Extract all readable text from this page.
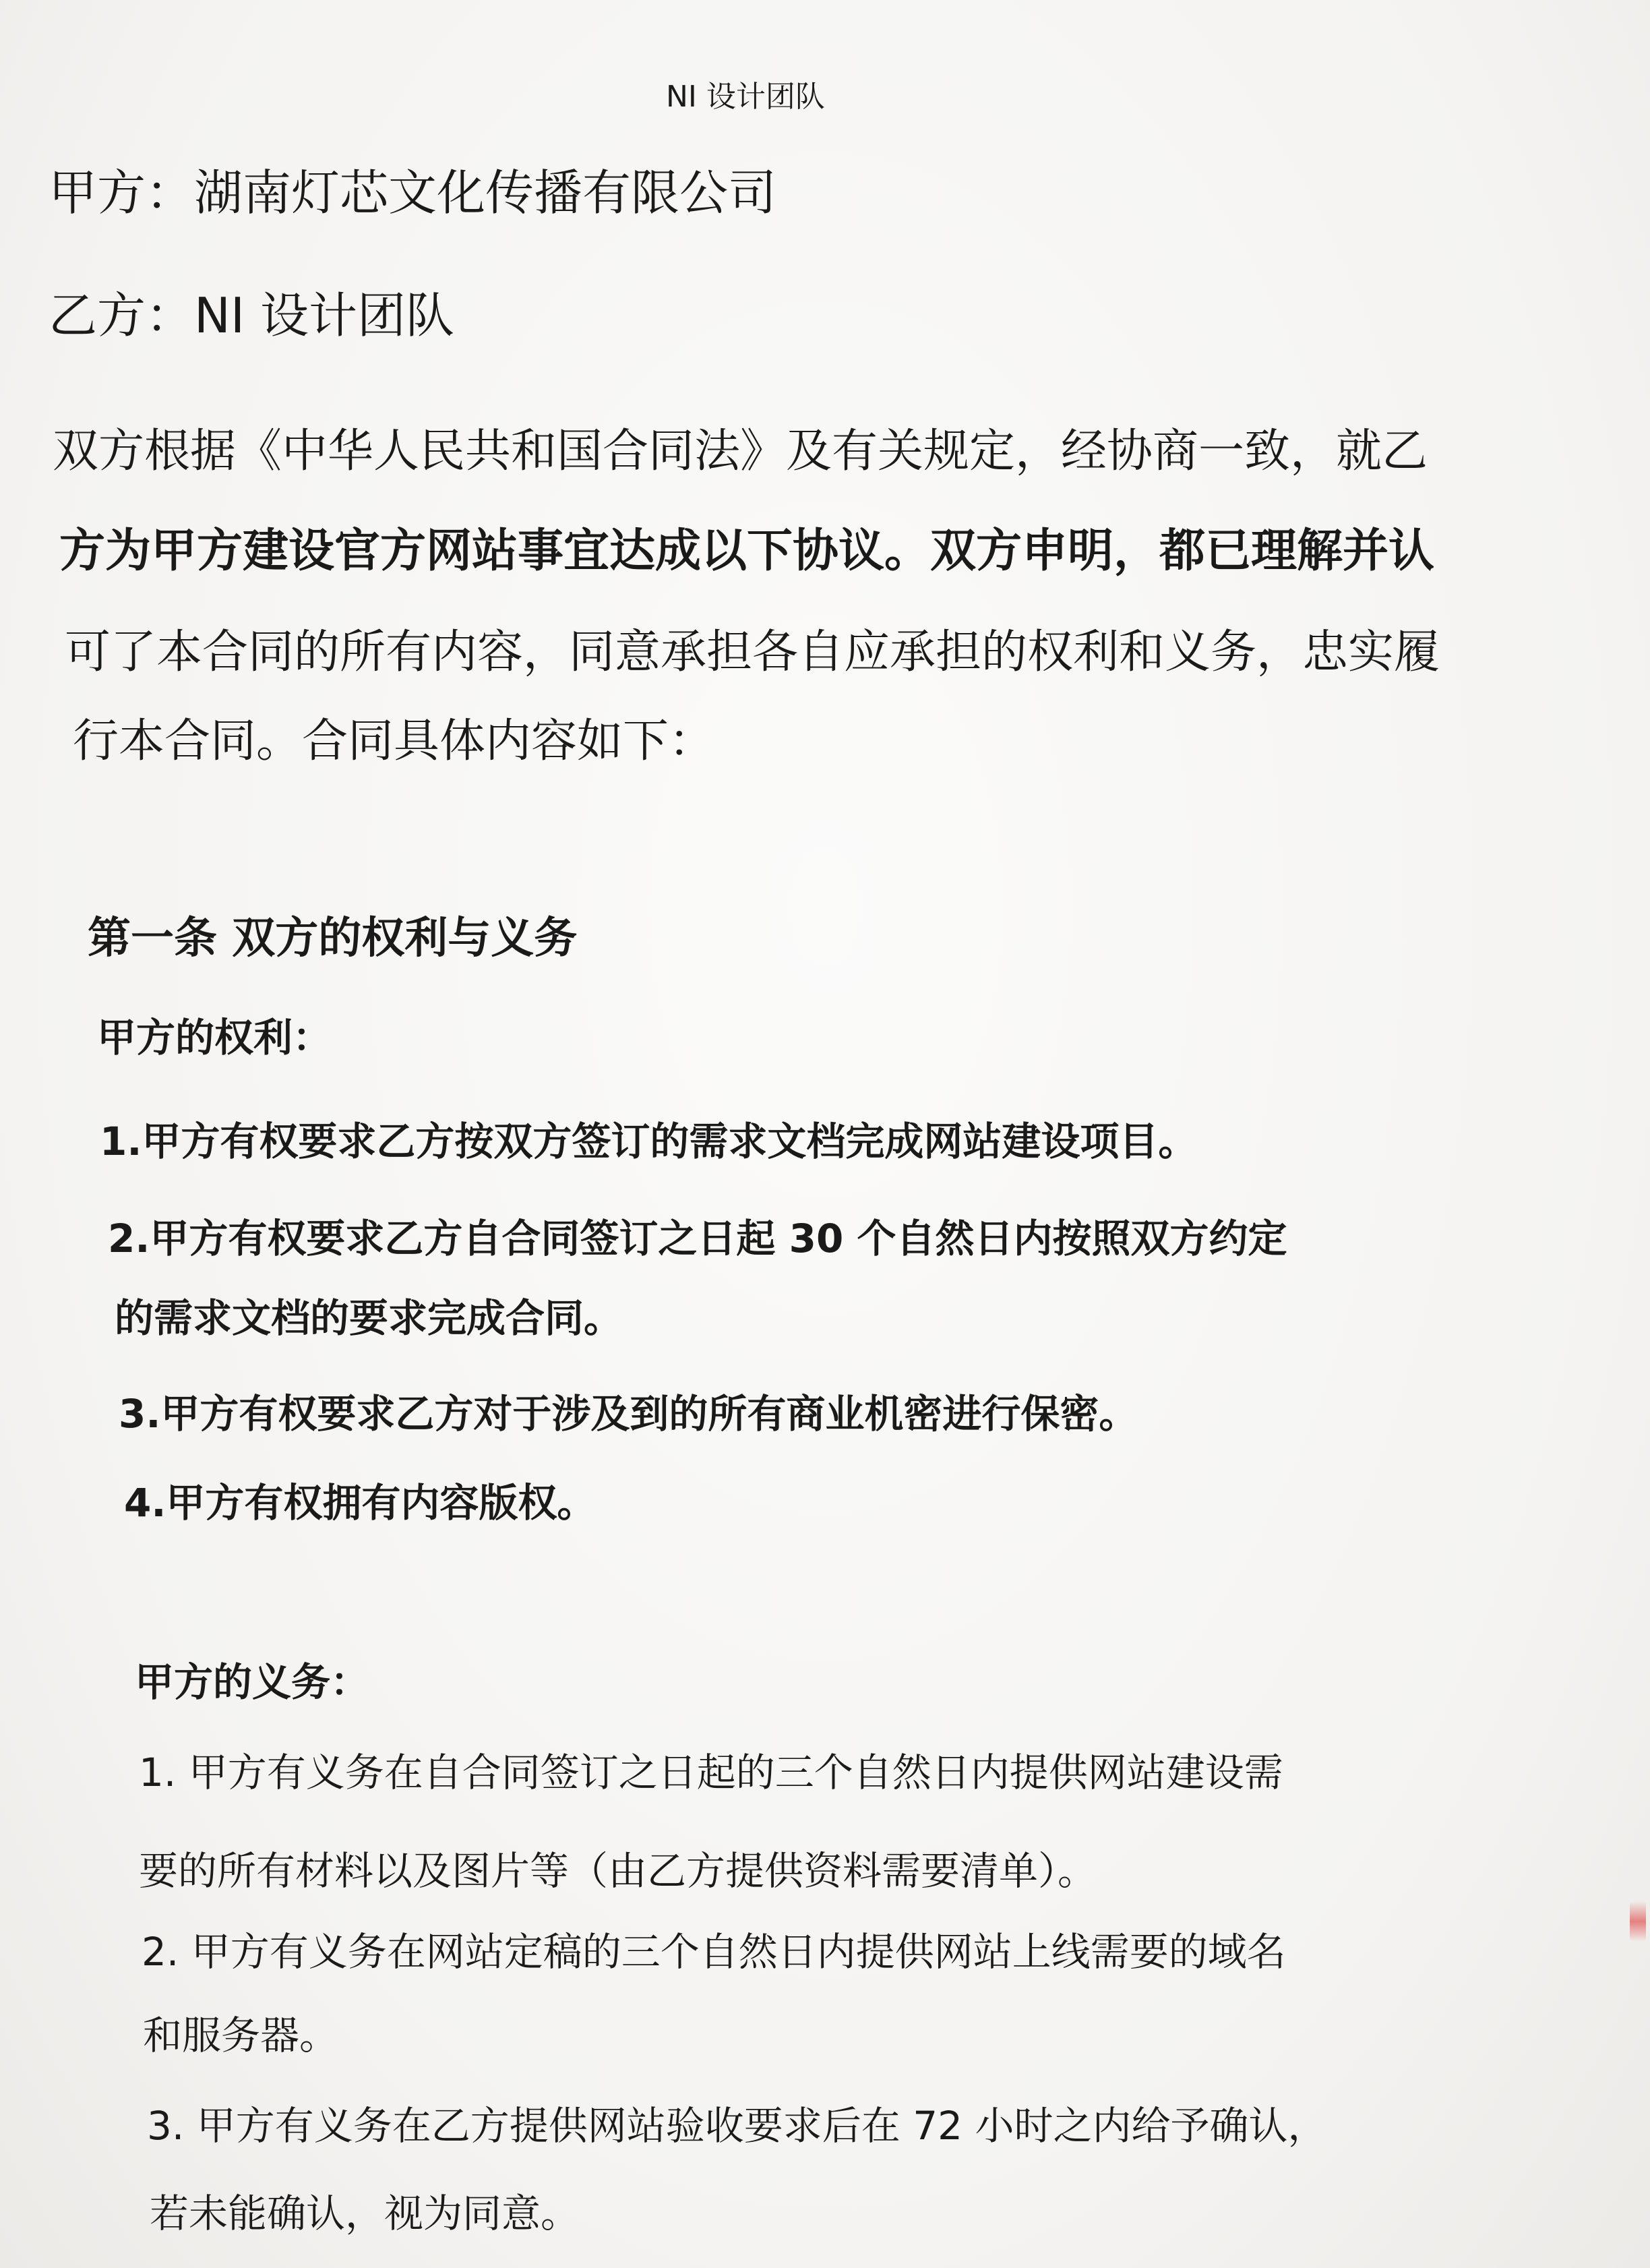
NI 设计团队
甲方：湖南灯芯文化传播有限公司
乙方：NI 设计团队
双方根据《中华人民共和国合同法》及有关规定，经协商一致，就乙
方为甲方建设官方网站事宜达成以下协议。双方申明，都已理解并认
可了本合同的所有内容，同意承担各自应承担的权利和义务，忠实履
行本合同。合同具体内容如下：
第一条 双方的权利与义务
甲方的权利：
1.甲方有权要求乙方按双方签订的需求文档完成网站建设项目。
2.甲方有权要求乙方自合同签订之日起 30 个自然日内按照双方约定
的需求文档的要求完成合同。
3.甲方有权要求乙方对于涉及到的所有商业机密进行保密。
4.甲方有权拥有内容版权。
甲方的义务：
1. 甲方有义务在自合同签订之日起的三个自然日内提供网站建设需
要的所有材料以及图片等（由乙方提供资料需要清单）。
2. 甲方有义务在网站定稿的三个自然日内提供网站上线需要的域名
和服务器。
3. 甲方有义务在乙方提供网站验收要求后在 72 小时之内给予确认，
若未能确认，视为同意。
